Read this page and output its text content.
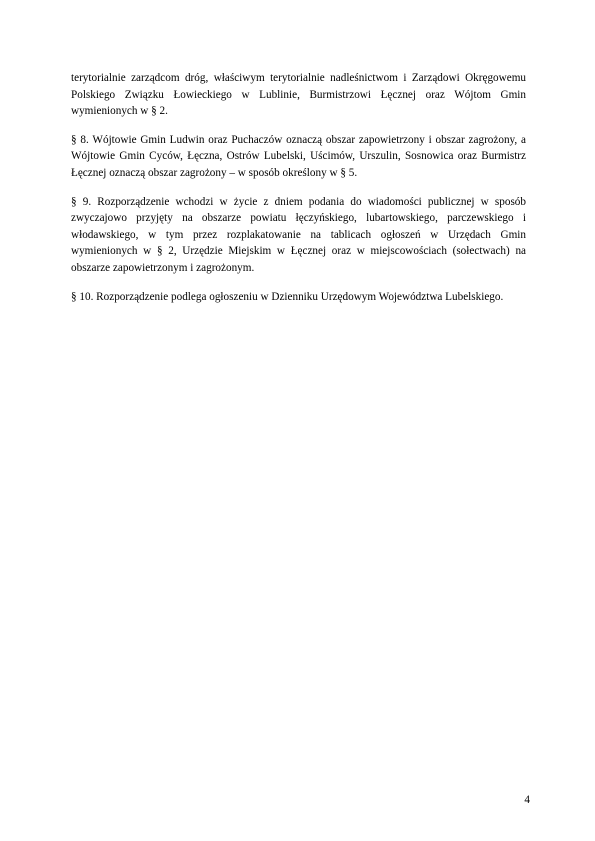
terytorialnie zarządcom dróg, właściwym terytorialnie nadleśnictwom i Zarządowi Okręgowemu Polskiego Związku Łowieckiego w Lublinie, Burmistrzowi Łęcznej oraz Wójtom Gmin wymienionych w § 2.

§ 8. Wójtowie Gmin Ludwin oraz Puchaczów oznaczą obszar zapowietrzony i obszar zagrożony, a Wójtowie Gmin Cyców, Łęczna, Ostrów Lubelski, Uścimów, Urszulin, Sosnowica oraz Burmistrz Łęcznej oznaczą obszar zagrożony – w sposób określony w § 5.

§ 9. Rozporządzenie wchodzi w życie z dniem podania do wiadomości publicznej w sposób zwyczajowo przyjęty na obszarze powiatu łęczyńskiego, lubartowskiego, parczewskiego i włodawskiego, w tym przez rozplakatowanie na tablicach ogłoszeń w Urzędach Gmin wymienionych w § 2, Urzędzie Miejskim w Łęcznej oraz w miejscowościach (sołectwach) na obszarze zapowietrzonym i zagrożonym.

§ 10. Rozporządzenie podlega ogłoszeniu w Dzienniku Urzędowym Województwa Lubelskiego.

4
